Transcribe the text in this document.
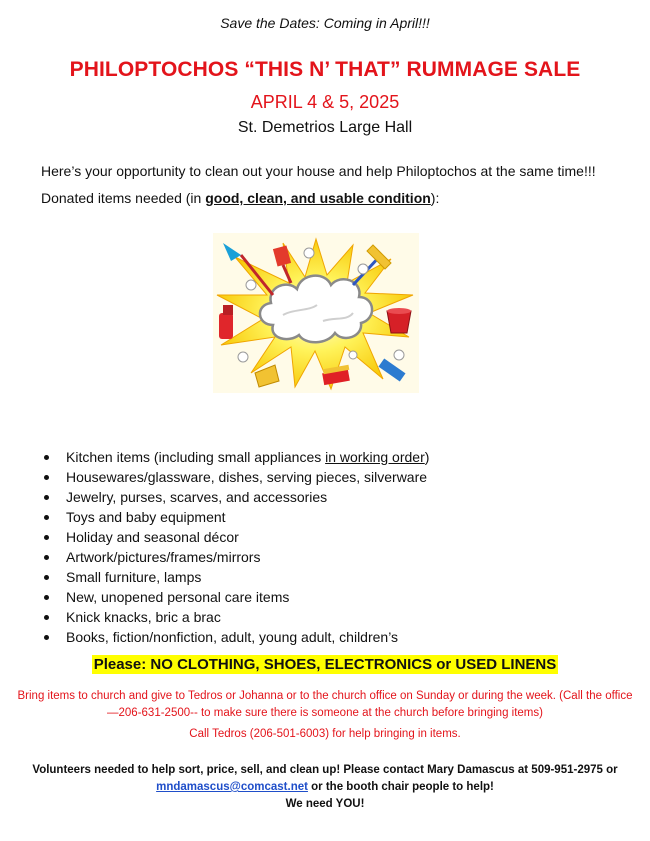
Save the Dates: Coming in April!!!
PHILOPTOCHOS “THIS N’ THAT” RUMMAGE SALE
APRIL 4 & 5, 2025
St. Demetrios Large Hall
Here’s your opportunity to clean out your house and help Philoptochos at the same time!!!
Donated items needed (in good, clean, and usable condition):
Kitchen items (including small appliances in working order)
Housewares/glassware, dishes, serving pieces, silverware
Jewelry, purses, scarves, and accessories
Toys and baby equipment
Holiday and seasonal décor
Artwork/pictures/frames/mirrors
Small furniture, lamps
New, unopened personal care items
Knick knacks, bric a brac
Books, fiction/nonfiction, adult, young adult, children’s
Please: NO CLOTHING, SHOES, ELECTRONICS or USED LINENS
Bring items to church and give to Tedros or Johanna or to the church office on Sunday or during the week. (Call the office—206-631-2500-- to make sure there is someone at the church before bringing items)
Call Tedros (206-501-6003) for help bringing in items.
Volunteers needed to help sort, price, sell, and clean up! Please contact Mary Damascus at 509-951-2975 or
mndamascus@comcast.net or the booth chair people to help!
We need YOU!
